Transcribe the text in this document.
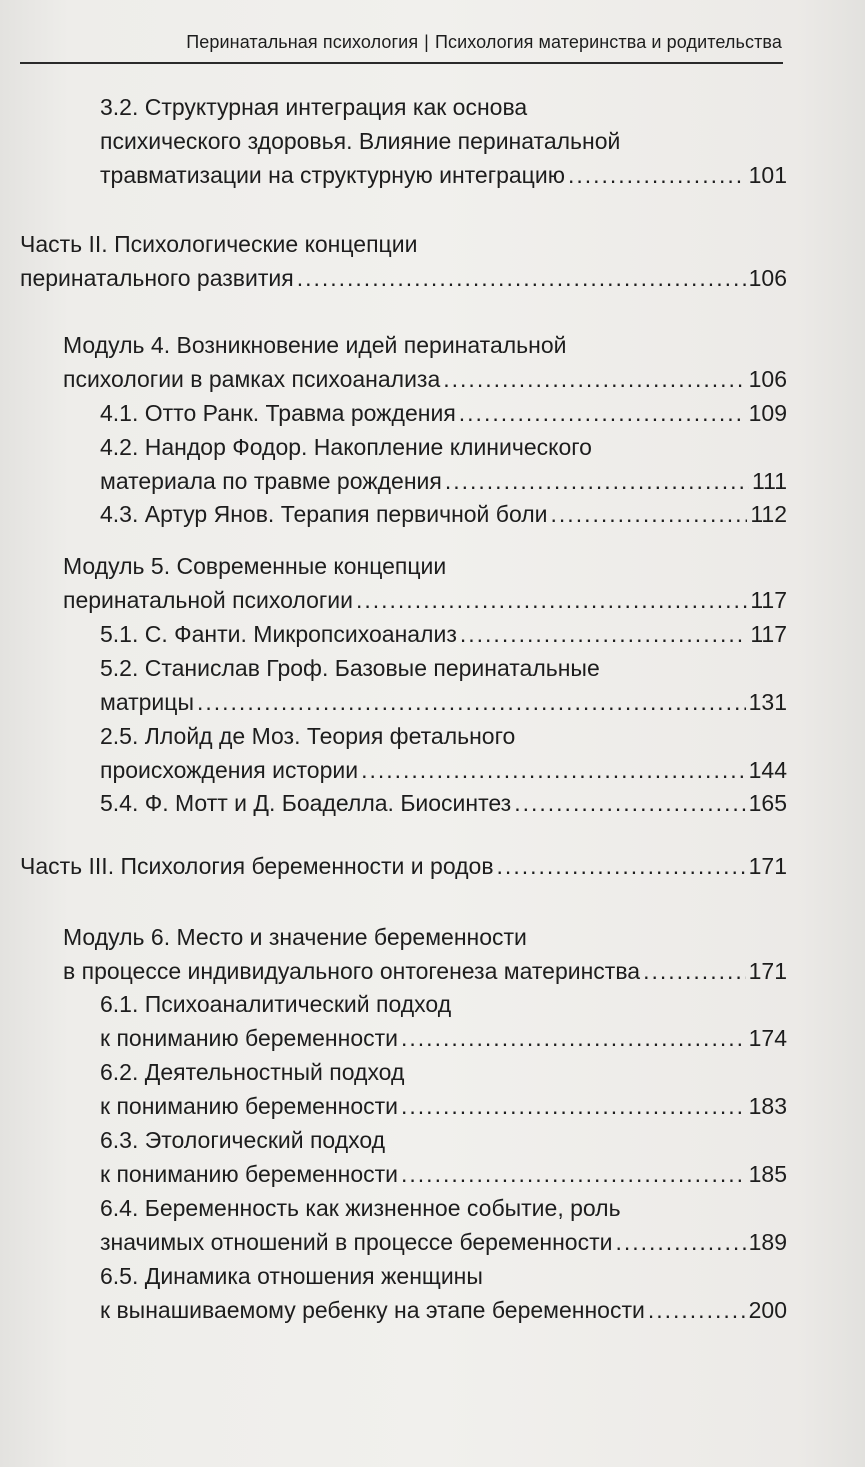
Перинатальная психология | Психология материнства и родительства
3.2. Структурная интеграция как основа
психического здоровья. Влияние перинатальной
травматизации на структурную интеграцию .....	101
Часть II. Психологические концепции
перинатального развития .....	106
Модуль 4. Возникновение идей перинатальной
психологии в рамках психоанализа .....	106
4.1. Отто Ранк. Травма рождения .....	109
4.2. Нандор Фодор. Накопление клинического
материала по травме рождения .....	111
4.3. Артур Янов. Терапия первичной боли .....	112
Модуль 5. Современные концепции
перинатальной психологии .....	117
5.1. С. Фанти. Микропсихоанализ .....	117
5.2. Станислав Гроф. Базовые перинатальные
матрицы .....	131
2.5. Ллойд де Моз. Теория фетального
происхождения истории .....	144
5.4. Ф. Мотт и Д. Боаделла. Биосинтез .....	165
Часть III. Психология беременности и родов .....	171
Модуль 6. Место и значение беременности
в процессе индивидуального онтогенеза материнства .....	171
6.1. Психоаналитический подход
к пониманию беременности .....	174
6.2. Деятельностный подход
к пониманию беременности .....	183
6.3. Этологический подход
к пониманию беременности .....	185
6.4. Беременность как жизненное событие, роль
значимых отношений в процессе беременности .....	189
6.5. Динамика отношения женщины
к вынашиваемому ребенку на этапе беременности .....	200
